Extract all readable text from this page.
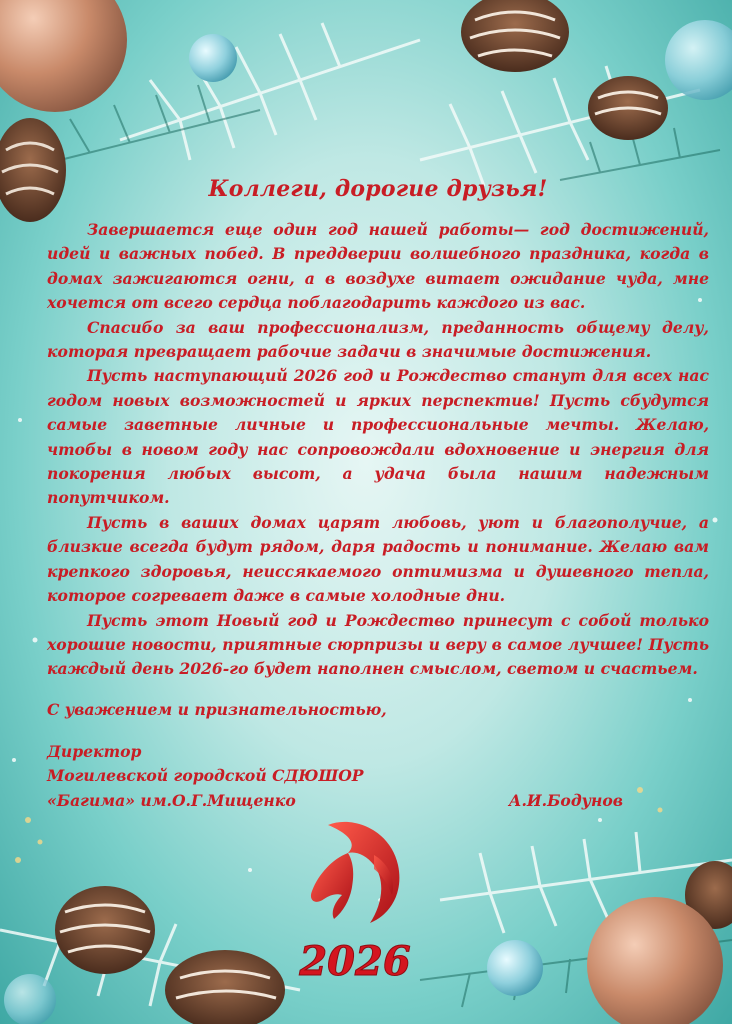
Коллеги, дорогие друзья!

Завершается еще один год нашей работы— год достижений, идей и важных побед. В преддверии волшебного праздника, когда в домах зажигаются огни, а в воздухе витает ожидание чуда, мне хочется от всего сердца поблагодарить каждого из вас.

Спасибо за ваш профессионализм, преданность общему делу, которая превращает рабочие задачи в значимые достижения.

Пусть наступающий 2026 год и Рождество станут для всех нас годом новых возможностей и ярких перспектив! Пусть сбудутся самые заветные личные и профессиональные мечты. Желаю, чтобы в новом году нас сопровождали вдохновение и энергия для покорения любых высот, а удача была нашим надежным попутчиком.

Пусть в ваших домах царят любовь, уют и благополучие, а близкие всегда будут рядом, даря радость и понимание. Желаю вам крепкого здоровья, неиссякаемого оптимизма и душевного тепла, которое согревает даже в самые холодные дни.

Пусть этот Новый год и Рождество принесут с собой только хорошие новости, приятные сюрпризы и веру в самое лучшее! Пусть каждый день 2026-го будет наполнен смыслом, светом и счастьем.

С уважением и признательностью,
Директор
Могилевской городской СДЮШОР
«Багима» им.О.Г.Мищенко	А.И.Бодунов
2026
